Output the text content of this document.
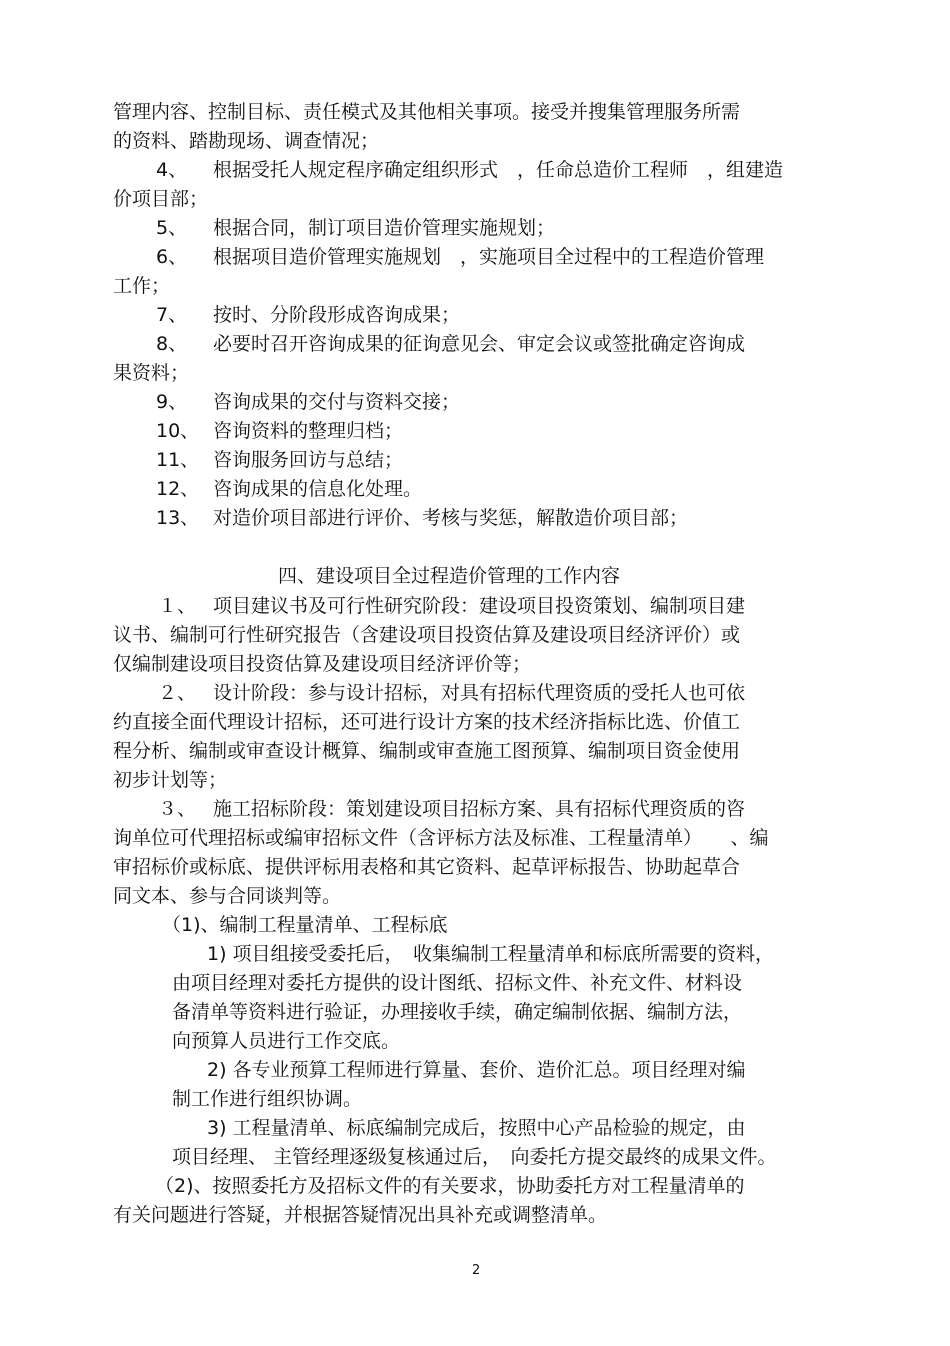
管理内容、控制目标、责任模式及其他相关事项。接受并搜集管理服务所需
的资料、踏勘现场、调查情况；
4、 根据受托人规定程序确定组织形式　，任命总造价工程师　，组建造
价项目部；
5、 根据合同，制订项目造价管理实施规划；
6、 根据项目造价管理实施规划　，实施项目全过程中的工程造价管理
工作；
7、 按时、分阶段形成咨询成果；
8、 必要时召开咨询成果的征询意见会、审定会议或签批确定咨询成
果资料；
9、 咨询成果的交付与资料交接；
10、 咨询资料的整理归档；
11、 咨询服务回访与总结；
12、 咨询成果的信息化处理。
13、 对造价项目部进行评价、考核与奖惩，解散造价项目部；
四、建设项目全过程造价管理的工作内容
１、 项目建议书及可行性研究阶段：建设项目投资策划、编制项目建
议书、编制可行性研究报告（含建设项目投资估算及建设项目经济评价）或
仅编制建设项目投资估算及建设项目经济评价等；
２、 设计阶段：参与设计招标，对具有招标代理资质的受托人也可依
约直接全面代理设计招标，还可进行设计方案的技术经济指标比选、价值工
程分析、编制或审查设计概算、编制或审查施工图预算、编制项目资金使用
初步计划等；
３、 施工招标阶段：策划建设项目招标方案、具有招标代理资质的咨
询单位可代理招标或编审招标文件（含评标方法及标准、工程量清单）　　、编
审招标价或标底、提供评标用表格和其它资料、起草评标报告、协助起草合
同文本、参与合同谈判等。
（1)、编制工程量清单、工程标底
1) 项目组接受委托后，　收集编制工程量清单和标底所需要的资料，
由项目经理对委托方提供的设计图纸、招标文件、补充文件、材料设
备清单等资料进行验证，办理接收手续，确定编制依据、编制方法，
向预算人员进行工作交底。
2) 各专业预算工程师进行算量、套价、造价汇总。项目经理对编
制工作进行组织协调。
3) 工程量清单、标底编制完成后，按照中心产品检验的规定，由
项目经理、 主管经理逐级复核通过后，　向委托方提交最终的成果文件。
（2)、按照委托方及招标文件的有关要求，协助委托方对工程量清单的
有关问题进行答疑，并根据答疑情况出具补充或调整清单。
2
